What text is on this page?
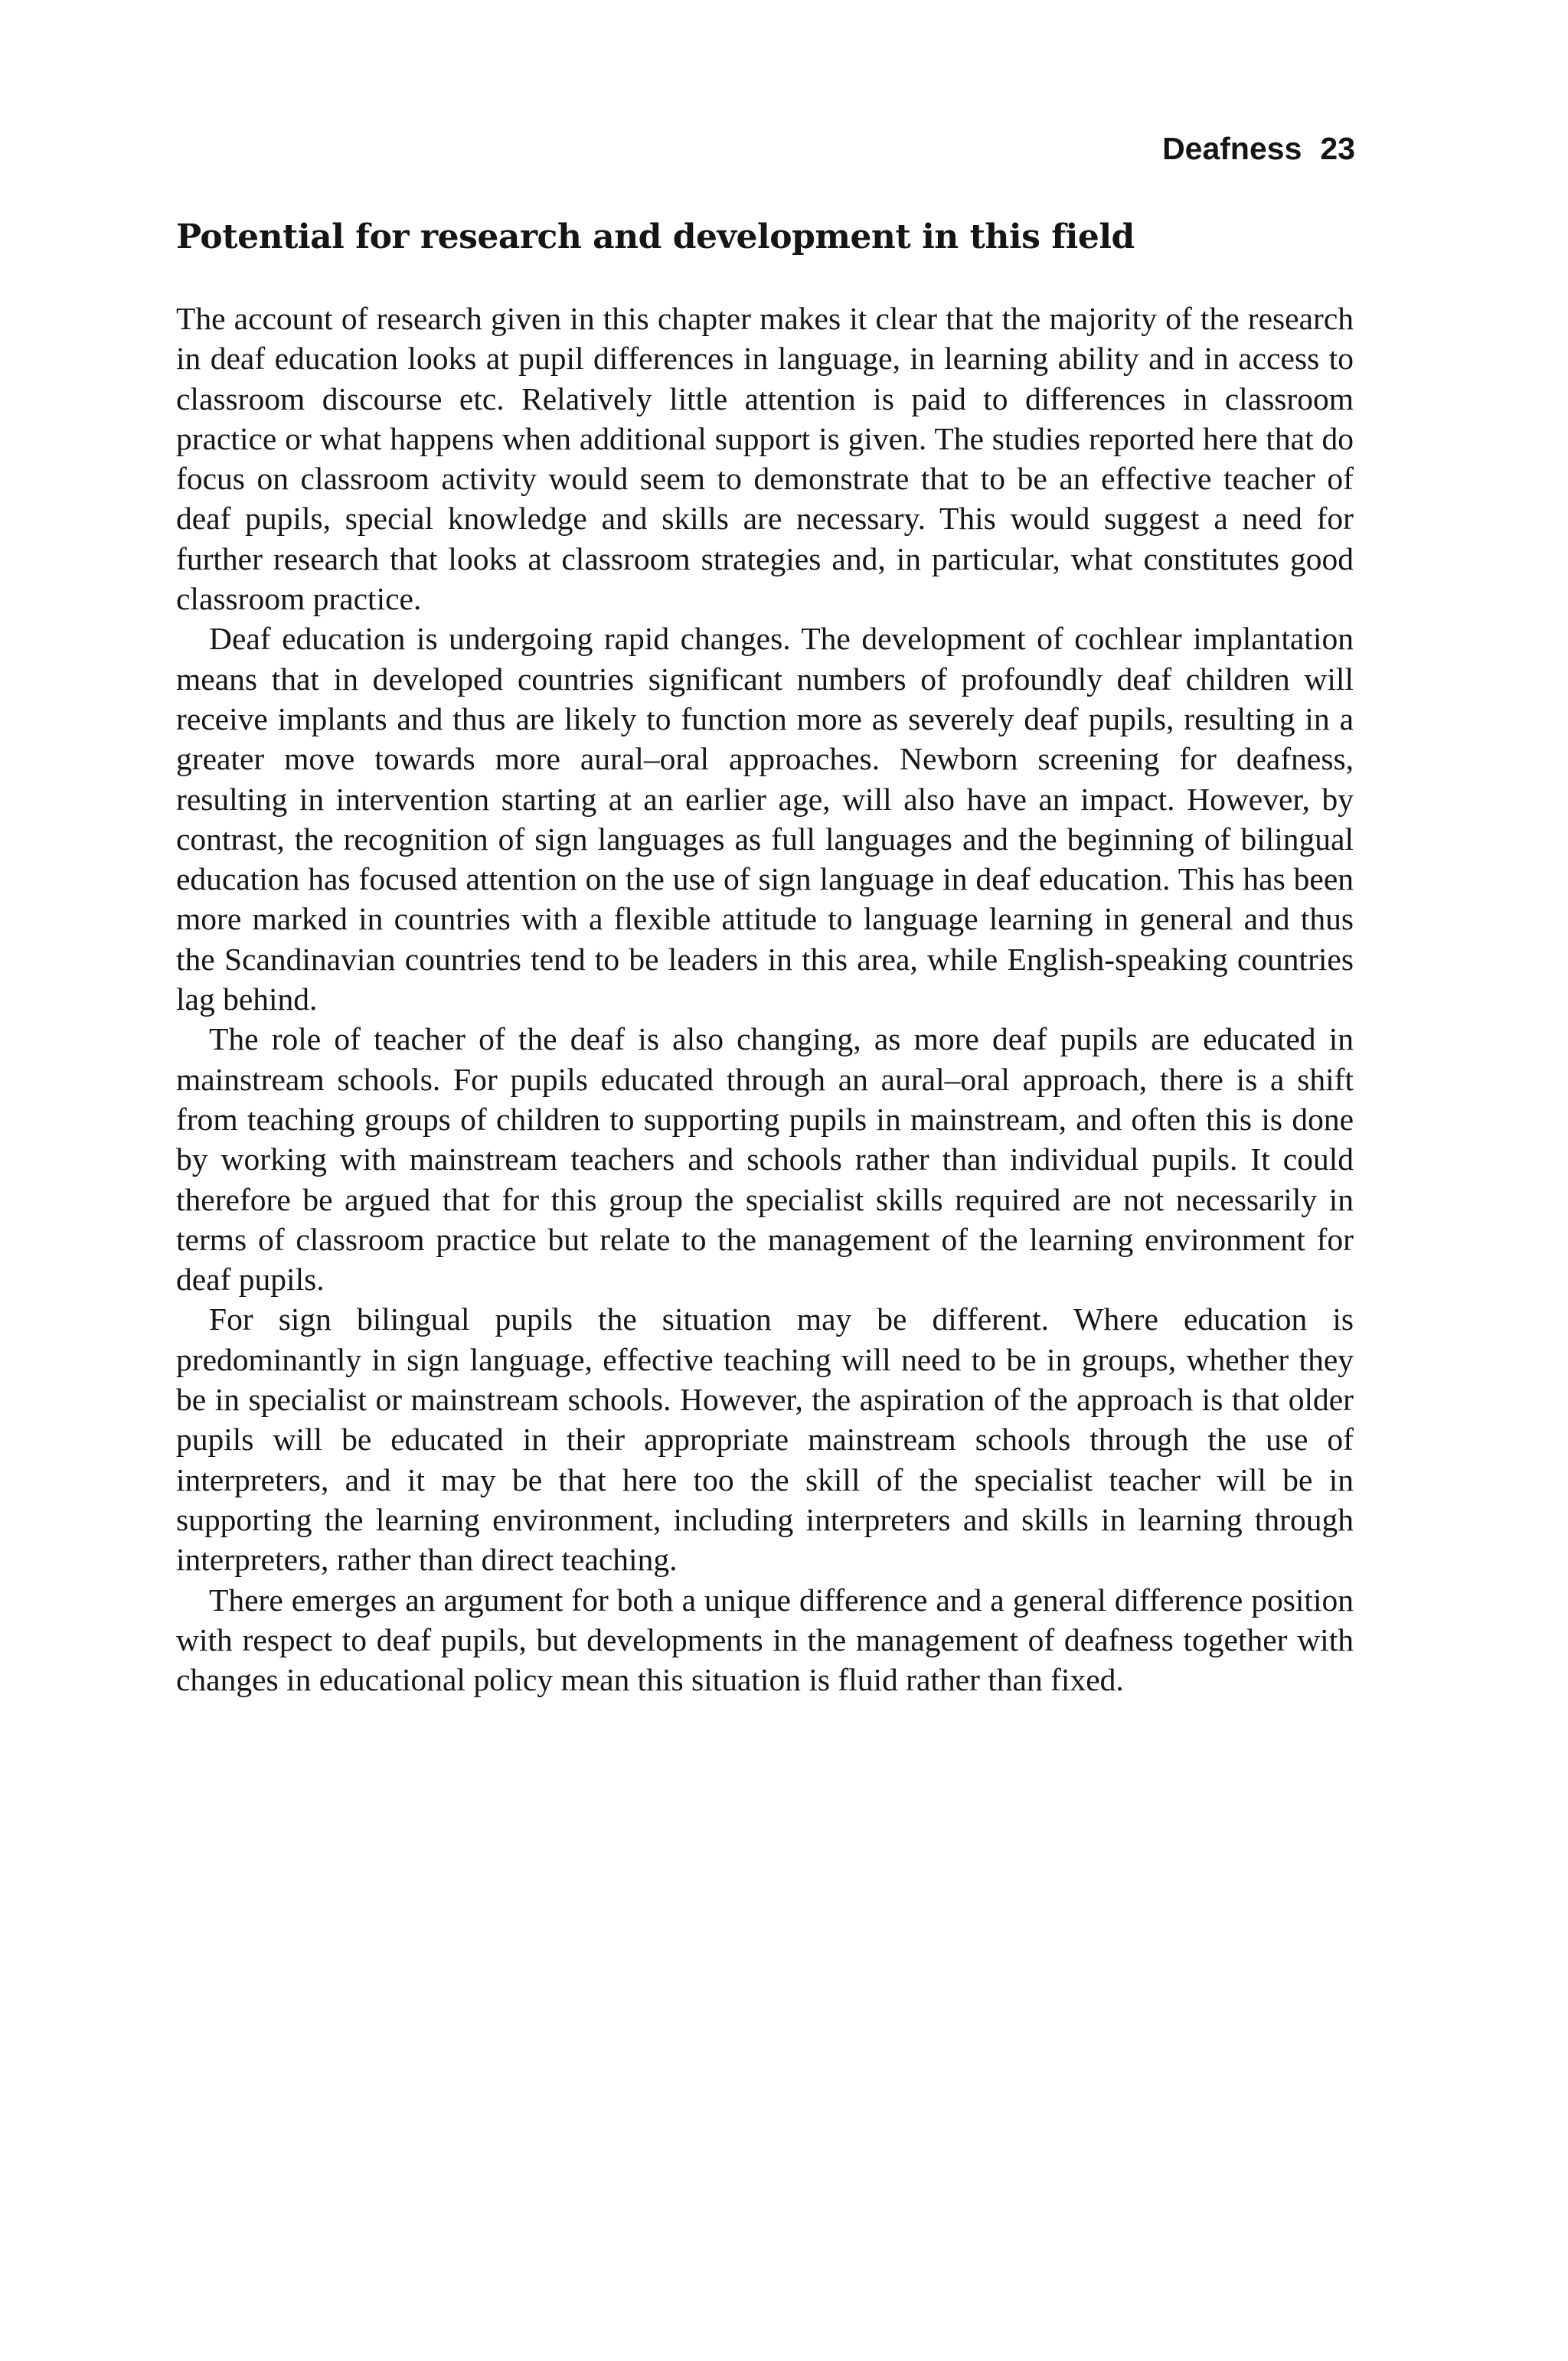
Deafness 23
Potential for research and development in this field

The account of research given in this chapter makes it clear that the majority of the research in deaf education looks at pupil differences in language, in learning ability and in access to classroom discourse etc. Relatively little attention is paid to differences in classroom practice or what happens when additional support is given. The studies reported here that do focus on classroom activity would seem to demonstrate that to be an effective teacher of deaf pupils, special knowledge and skills are necessary. This would suggest a need for further research that looks at classroom strategies and, in particular, what constitutes good classroom practice.

Deaf education is undergoing rapid changes. The development of cochlear implantation means that in developed countries significant numbers of profoundly deaf children will receive implants and thus are likely to function more as severely deaf pupils, resulting in a greater move towards more aural–oral approaches. Newborn screening for deafness, resulting in intervention starting at an earlier age, will also have an impact. However, by contrast, the recognition of sign languages as full languages and the beginning of bilingual education has focused attention on the use of sign language in deaf education. This has been more marked in countries with a flexible attitude to language learning in general and thus the Scandinavian countries tend to be leaders in this area, while English-speaking countries lag behind.

The role of teacher of the deaf is also changing, as more deaf pupils are educated in mainstream schools. For pupils educated through an aural–oral approach, there is a shift from teaching groups of children to supporting pupils in mainstream, and often this is done by working with mainstream teachers and schools rather than individual pupils. It could therefore be argued that for this group the specialist skills required are not necessarily in terms of classroom practice but relate to the management of the learning environment for deaf pupils.

For sign bilingual pupils the situation may be different. Where education is predominantly in sign language, effective teaching will need to be in groups, whether they be in specialist or mainstream schools. However, the aspiration of the approach is that older pupils will be educated in their appropriate mainstream schools through the use of interpreters, and it may be that here too the skill of the specialist teacher will be in supporting the learning environment, including interpreters and skills in learning through interpreters, rather than direct teaching.

There emerges an argument for both a unique difference and a general difference position with respect to deaf pupils, but developments in the management of deafness together with changes in educational policy mean this situation is fluid rather than fixed.
